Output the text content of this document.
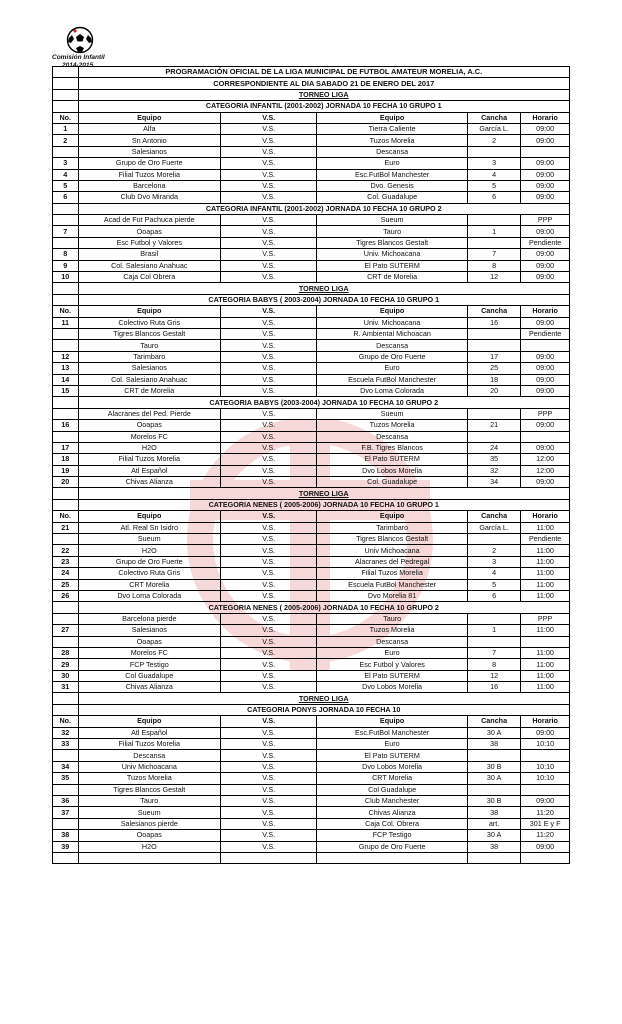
Comisión Infantil
2014-2015
	PROGRAMACIÓN OFICIAL DE LA LIGA MUNICIPAL DE FUTBOL AMATEUR MORELIA, A.C.				
	CORRESPONDIENTE AL DIA SABADO 21 DE ENERO DEL 2017				
	TORNEO LIGA				
	CATEGORIA INFANTIL (2001-2002) JORNADA 10 FECHA 10 GRUPO 1				
No.	Equipo	V.S.	Equipo	Cancha	Horario
1	Alfa	V.S.	Tierra Caliente	García L.	09:00
2	Sn Antonio	V.S.	Tuzos Morelia	2	09:00
	Salesianos	V.S.	Descansa		
3	Grupo de Oro Fuerte	V.S.	Euro	3	09:00
4	Filial Tuzos Morelia	V.S.	Esc.FutBol Manchester	4	09:00
5	Barcelona	V.S.	Dvo. Genesis	5	09:00
6	Club Dvo Miranda	V.S.	Col. Guadalupe	6	09:00
	CATEGORIA INFANTIL (2001-2002) JORNADA 10 FECHA 10 GRUPO 2				
	Acad de Fut Pachuca pierde	V.S.	Sueum		PPP
7	Ooapas	V.S.	Tauro	1	09:00
	Esc Futbol y Valores	V.S.	Tigres Blancos Gestalt		Pendiente
8	Brasil	V.S.	Univ. Michoacana	7	09:00
9	Col. Salesiano Anahuac	V.S.	El Pato SUTERM	8	09:00
10	Caja Col Obrera	V.S.	CRT de Morelia	12	09:00
	TORNEO LIGA				
	CATEGORIA BABYS ( 2003-2004) JORNADA 10 FECHA 10 GRUPO 1				
No.	Equipo	V.S.	Equipo	Cancha	Horario
11	Colectivo Ruta Gris	V.S.	Univ. Michoacana	16	09:00
	Tigres Blancos Gestalt	V.S.	R. Ambiental Michoacan		Pendiente
	Tauro	V.S.	Descansa		
12	Tarimbaro	V.S.	Grupo de Oro Fuerte	17	09:00
13	Salesianos	V.S.	Euro	25	09:00
14	Col. Salesiano Anahuac	V.S.	Escuela FutBol Manchester	18	09:00
15	CRT de Morelia	V.S.	Dvo Loma Colorada	20	09:00
	CATEGORIA BABYS (2003-2004) JORNADA 10 FECHA 10 GRUPO 2				
	Alacranes del Ped. Pierde	V.S.	Sueum		PPP
16	Ooapas	V.S.	Tuzos Morelia	21	09:00
	Morelos FC	V.S.	Descansa		
17	H2O	V.S.	F.B. Tigres Blancos	24	09:00
18	Filial Tuzos Morelia	V.S.	El Pato SUTERM	35	12:00
19	Atl Español	V.S.	Dvo Lobos Morelia	32	12:00
20	Chivas Alianza	V.S.	Col. Guadalupe	34	09:00
	TORNEO LIGA				
	CATEGORIA NENES ( 2005-2006) JORNADA 10 FECHA 10 GRUPO 1				
No.	Equipo	V.S.	Equipo	Cancha	Horario
21	Atl. Real Sn Isidro	V.S.	Tarimbaro	García L.	11:00
	Sueum	V.S.	Tigres Blancos Gestalt		Pendiente
22	H2O	V.S.	Univ Michoacana	2	11:00
23	Grupo de Oro Fuerte	V.S.	Alacranes del Pedregal	3	11:00
24	Colectivo Ruta Gris	V.S.	Filial Tuzos Morelia	4	11:00
25	CRT Morelia	V.S.	Escuela FutBol Manchester	5	11:00
26	Dvo Loma Colorada	V.S.	Dvo Morelia 81	6	11:00
	CATEGORIA NENES ( 2005-2006) JORNADA 10 FECHA 10 GRUPO 2				
	Barcelona pierde	V.S.	Tauro		PPP
27	Salesianos	V.S.	Tuzos Morelia	1	11:00
	Ooapas	V.S.	Descansa		
28	Morelos FC	V.S.	Euro	7	11:00
29	FCP Testigo	V.S.	Esc Futbol y Valores	8	11:00
30	Col Guadalupe	V.S.	El Pato SUTERM	12	11:00
31	Chivas Alianza	V.S.	Dvo Lobos Morelia	16	11:00
	TORNEO LIGA				
	CATEGORIA PONYS JORNADA 10 FECHA 10				
No.	Equipo	V.S.	Equipo	Cancha	Horario
32	Atl Español	V.S.	Esc.FutBol Manchester	30 A	09:00
33	Filial Tuzos Morelia	V.S.	Euro	38	10:10
	Descansa	V.S.	El Pato SUTERM		
34	Univ Michoacana	V.S.	Dvo Lobos Morelia	30 B	10:10
35	Tuzos Morelia	V.S.	CRT Morelia	30 A	10:10
	Tigres Blancos Gestalt	V.S.	Col Guadalupe		
36	Tauro	V.S.	Club Manchester	30 B	09:00
37	Sueum	V.S.	Chivas Alianza	38	11:20
	Salesianos pierde	V.S.	Caja Col. Obrera	art.	301 E y F
38	Ooapas	V.S.	FCP Testigo	30 A	11:20
39	H2O	V.S.	Grupo de Oro Fuerte	38	09:00
